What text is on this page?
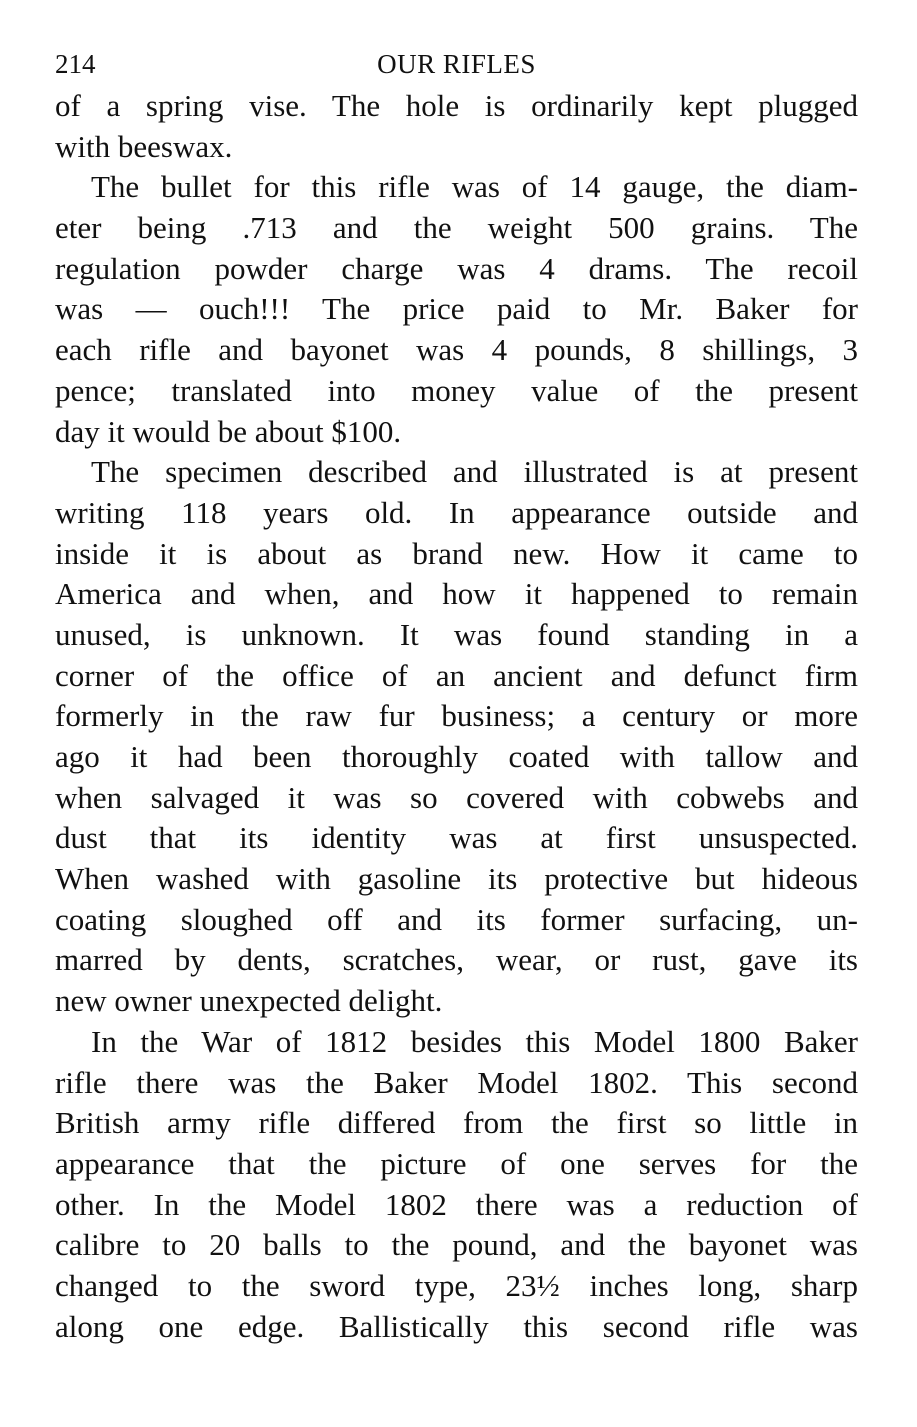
214	OUR RIFLES

of a spring vise. The hole is ordinarily kept plugged
with beeswax.

The bullet for this rifle was of 14 gauge, the diam-
eter being .713 and the weight 500 grains. The
regulation powder charge was 4 drams. The recoil
was — ouch!!! The price paid to Mr. Baker for
each rifle and bayonet was 4 pounds, 8 shillings, 3
pence; translated into money value of the present
day it would be about $100.

The specimen described and illustrated is at present
writing 118 years old. In appearance outside and
inside it is about as brand new. How it came to
America and when, and how it happened to remain
unused, is unknown. It was found standing in a
corner of the office of an ancient and defunct firm
formerly in the raw fur business; a century or more
ago it had been thoroughly coated with tallow and
when salvaged it was so covered with cobwebs and
dust that its identity was at first unsuspected.
When washed with gasoline its protective but hideous
coating sloughed off and its former surfacing, un-
marred by dents, scratches, wear, or rust, gave its
new owner unexpected delight.

In the War of 1812 besides this Model 1800 Baker
rifle there was the Baker Model 1802. This second
British army rifle differed from the first so little in
appearance that the picture of one serves for the
other. In the Model 1802 there was a reduction of
calibre to 20 balls to the pound, and the bayonet was
changed to the sword type, 23½ inches long, sharp
along one edge. Ballistically this second rifle was
